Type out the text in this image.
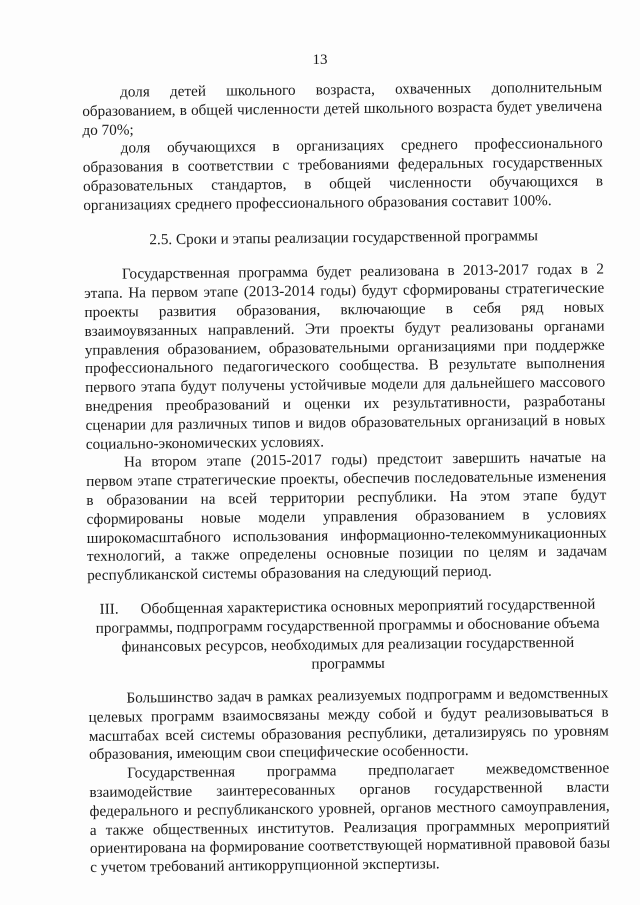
13

доля детей школьного возраста, охваченных дополнительным образованием, в общей численности детей школьного возраста будет увеличена до 70%;

доля обучающихся в организациях среднего профессионального образования в соответствии с требованиями федеральных государственных образовательных стандартов, в общей численности обучающихся в организациях среднего профессионального образования составит 100%.

2.5. Сроки и этапы реализации государственной программы

Государственная программа будет реализована в 2013-2017 годах в 2 этапа. На первом этапе (2013-2014 годы) будут сформированы стратегические проекты развития образования, включающие в себя ряд новых взаимоувязанных направлений. Эти проекты будут реализованы органами управления образованием, образовательными организациями при поддержке профессионального педагогического сообщества. В результате выполнения первого этапа будут получены устойчивые модели для дальнейшего массового внедрения преобразований и оценки их результативности, разработаны сценарии для различных типов и видов образовательных организаций в новых социально-экономических условиях.

На втором этапе (2015-2017 годы) предстоит завершить начатые на первом этапе стратегические проекты, обеспечив последовательные изменения в образовании на всей территории республики. На этом этапе будут сформированы новые модели управления образованием в условиях широкомасштабного использования информационно-телекоммуникационных технологий, а также определены основные позиции по целям и задачам республиканской системы образования на следующий период.

III. Обобщенная характеристика основных мероприятий государственной программы, подпрограмм государственной программы и обоснование объема финансовых ресурсов, необходимых для реализации государственной программы

Большинство задач в рамках реализуемых подпрограмм и ведомственных целевых программ взаимосвязаны между собой и будут реализовываться в масштабах всей системы образования республики, детализируясь по уровням образования, имеющим свои специфические особенности.

Государственная программа предполагает межведомственное взаимодействие заинтересованных органов государственной власти федерального и республиканского уровней, органов местного самоуправления, а также общественных институтов. Реализация программных мероприятий ориентирована на формирование соответствующей нормативной правовой базы с учетом требований антикоррупционной экспертизы.
